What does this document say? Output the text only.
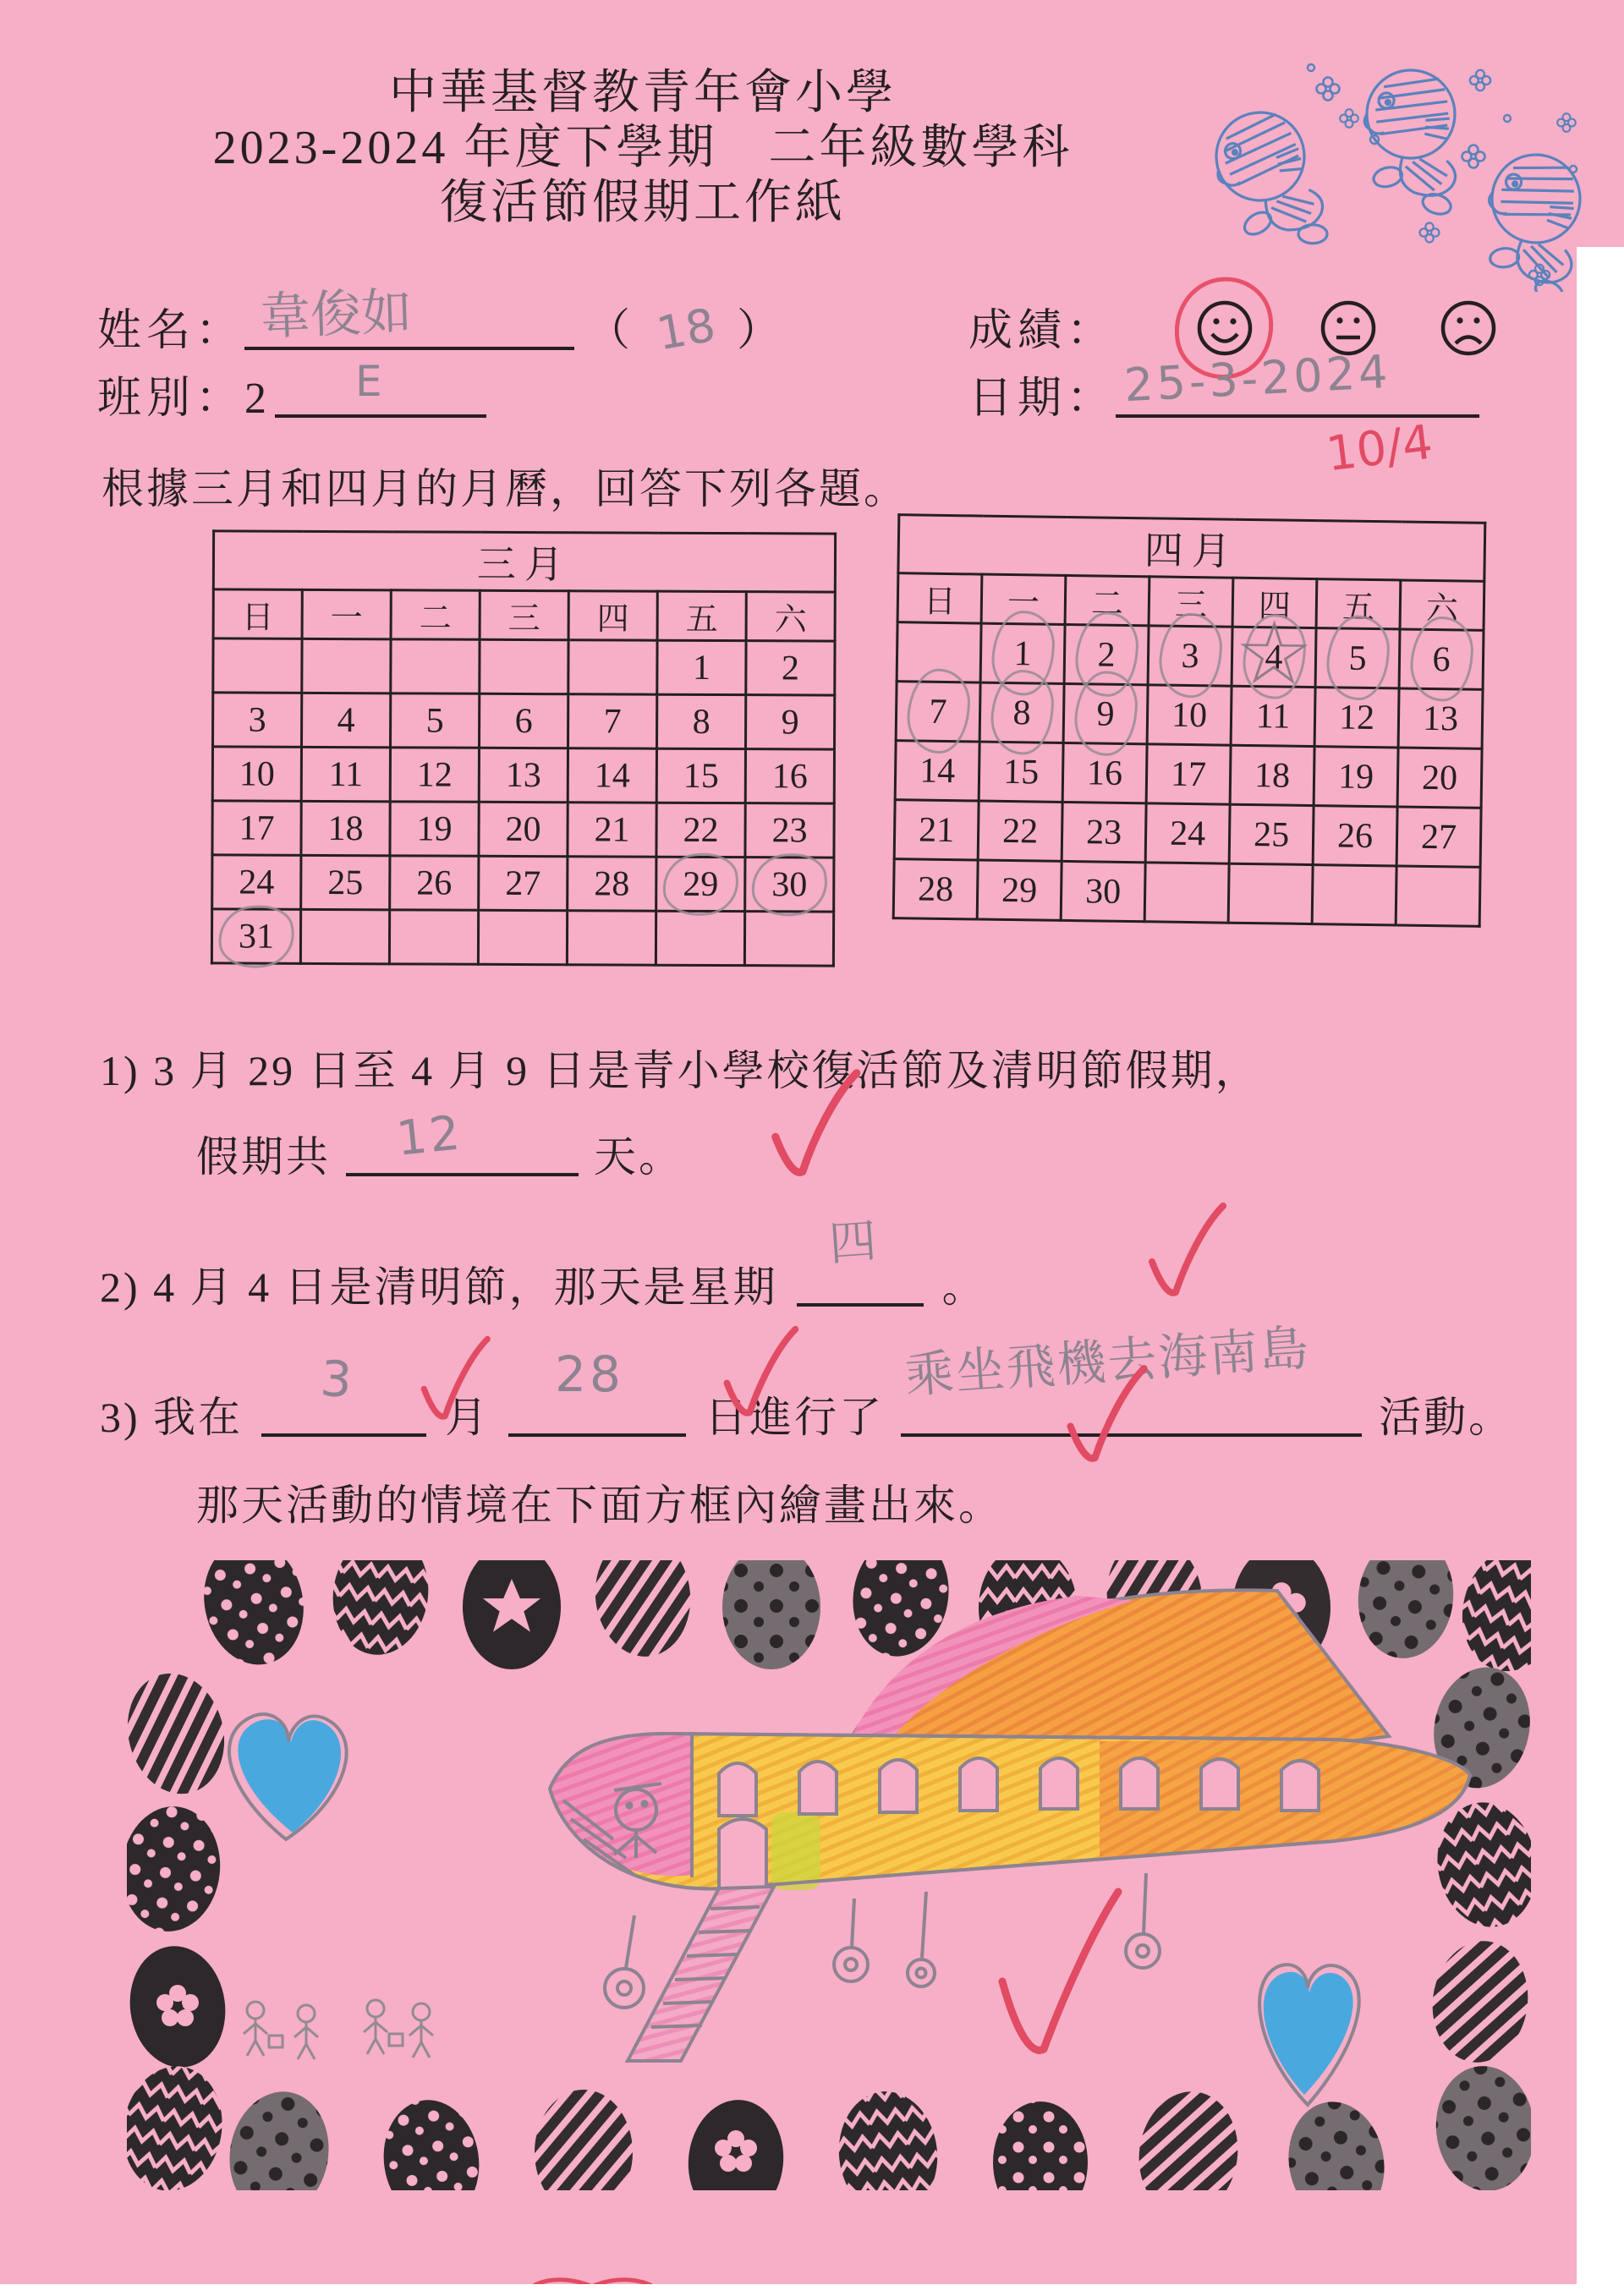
中華基督教青年會小學
2023-2024 年度下學期　二年級數學科
復活節假期工作紙
姓名： 韋俊如	（ 18 ）	成績：
班別：2 E	日期： 25-3-2024
10/4
根據三月和四月的月曆，回答下列各題。
三月						
日	一	二	三	四	五	六
					1	2
3	4	5	6	7	8	9
10	11	12	13	14	15	16
17	18	19	20	21	22	23
24	25	26	27	28	29	30
31						
四月						
日	一	二	三	四	五	六
	1	2	3	☆ 4	5	6
7	8	9	10	11	12	13
14	15	16	17	18	19	20
21	22	23	24	25	26	27
28	29	30				
1) 3 月 29 日至 4 月 9 日是青小學校復活節及清明節假期，
假期共 12	天。
2) 4 月 4 日是清明節，那天是星期
四
。
3) 我在
3
月
28
日進行了
乘坐飛機去海南島
活動。
那天活動的情境在下面方框內繪畫出來。
